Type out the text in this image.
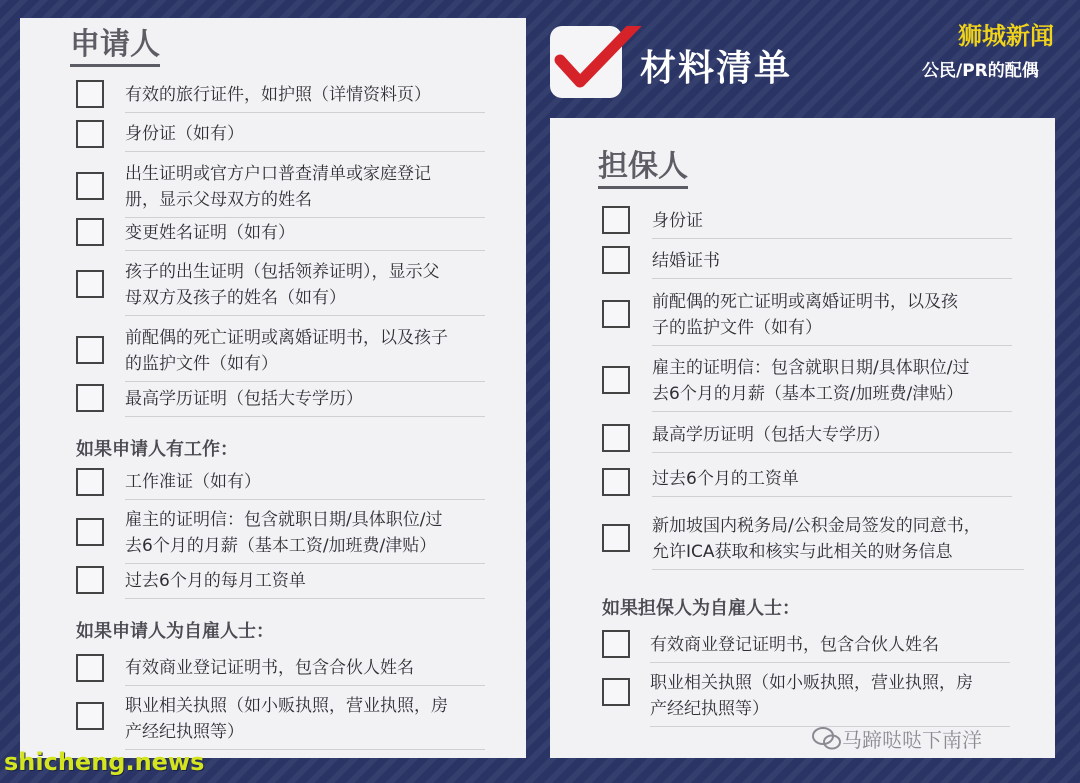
申请人
有效的旅行证件，如护照（详情资料页）
身份证（如有）
出生证明或官方户口普查清单或家庭登记
册，显示父母双方的姓名
变更姓名证明（如有）
孩子的出生证明（包括领养证明），显示父
母双方及孩子的姓名（如有）
前配偶的死亡证明或离婚证明书，以及孩子
的监护文件（如有）
最高学历证明（包括大专学历）
如果申请人有工作：
工作准证（如有）
雇主的证明信：包含就职日期/具体职位/过
去6个月的月薪（基本工资/加班费/津贴）
过去6个月的每月工资单
如果申请人为自雇人士：
有效商业登记证明书，包含合伙人姓名
职业相关执照（如小贩执照，营业执照，房
产经纪执照等）
材料清单
狮城新闻
公民/PR的配偶
担保人
身份证
结婚证书
前配偶的死亡证明或离婚证明书，以及孩
子的监护文件（如有）
雇主的证明信：包含就职日期/具体职位/过
去6个月的月薪（基本工资/加班费/津贴）
最高学历证明（包括大专学历）
过去6个月的工资单
新加坡国内税务局/公积金局签发的同意书，
允许ICA获取和核实与此相关的财务信息
如果担保人为自雇人士：
有效商业登记证明书，包含合伙人姓名
职业相关执照（如小贩执照，营业执照，房
产经纪执照等）
马蹄哒哒下南洋
shicheng.news
